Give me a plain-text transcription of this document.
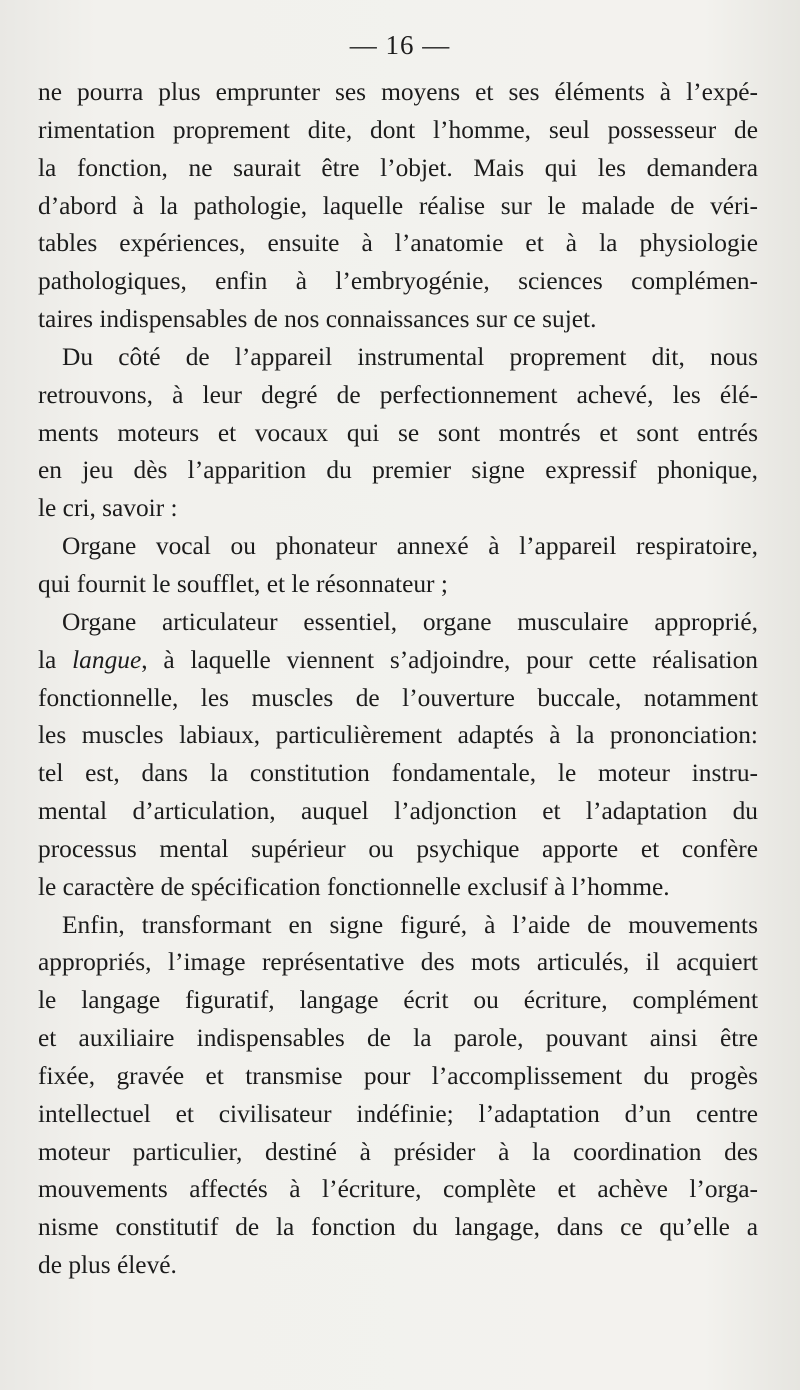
— 16 —
ne pourra plus emprunter ses moyens et ses éléments à l’expé-
rimentation proprement dite, dont l’homme, seul possesseur de
la fonction, ne saurait être l’objet. Mais qui les demandera
d’abord à la pathologie, laquelle réalise sur le malade de véri-
tables expériences, ensuite à l’anatomie et à la physiologie
pathologiques, enfin à l’embryogénie, sciences complémen-
taires indispensables de nos connaissances sur ce sujet.
Du côté de l’appareil instrumental proprement dit, nous
retrouvons, à leur degré de perfectionnement achevé, les élé-
ments moteurs et vocaux qui se sont montrés et sont entrés
en jeu dès l’apparition du premier signe expressif phonique,
le cri, savoir :
Organe vocal ou phonateur annexé à l’appareil respiratoire,
qui fournit le soufflet, et le résonnateur ;
Organe articulateur essentiel, organe musculaire approprié,
la langue, à laquelle viennent s’adjoindre, pour cette réalisation
fonctionnelle, les muscles de l’ouverture buccale, notamment
les muscles labiaux, particulièrement adaptés à la prononciation:
tel est, dans la constitution fondamentale, le moteur instru-
mental d’articulation, auquel l’adjonction et l’adaptation du
processus mental supérieur ou psychique apporte et confère
le caractère de spécification fonctionnelle exclusif à l’homme.
Enfin, transformant en signe figuré, à l’aide de mouvements
appropriés, l’image représentative des mots articulés, il acquiert
le langage figuratif, langage écrit ou écriture, complément
et auxiliaire indispensables de la parole, pouvant ainsi être
fixée, gravée et transmise pour l’accomplissement du progès
intellectuel et civilisateur indéfinie; l’adaptation d’un centre
moteur particulier, destiné à présider à la coordination des
mouvements affectés à l’écriture, complète et achève l’orga-
nisme constitutif de la fonction du langage, dans ce qu’elle a
de plus élevé.
